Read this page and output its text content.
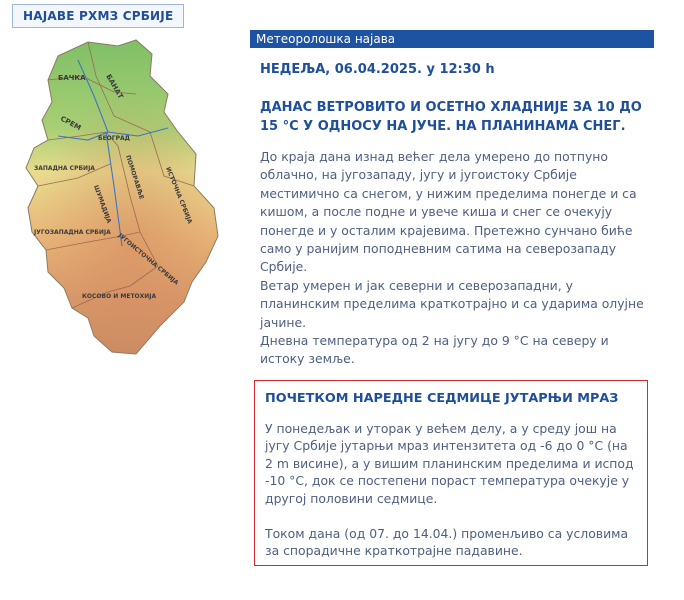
НАЈАВЕ РХМЗ СРБИЈЕ
БАЧКА	БАНАТ
СРЕМ
БЕОГРАД
ЗАПАДНА СРБИЈА
ШУМАДИЈА
ПОМОРАВЉЕ	ИСТОЧНА СРБИЈА
ЈУГОЗАПАДНА СРБИЈА ЈУГОИСТОЧНА СРБИЈА
КОСОВО И МЕТОХИЈА
Метеоролошка најава
НЕДЕЉА, 06.04.2025. у 12:30 h
ДАНАС ВЕТРОВИТО И ОСЕТНО ХЛАДНИЈЕ ЗА 10 ДО 15 °C У ОДНОСУ НА ЈУЧЕ. НА ПЛАНИНАМА СНЕГ.

До краја дана изнад већег дела умерено до потпуно облачно, на југозападу, југу и југоистоку Србије местимично са снегом, у нижим пределима понегде и са кишом, а после подне и увече киша и снег се очекују понегде и у осталим крајевима. Претежно сунчано биће само у ранијим поподневним сатима на северозападу Србије.

Ветар умерен и јак северни и северозападни, у планинским пределима краткотрајно и са ударима олујне јачине.

Дневна температура од 2 на југу до 9 °C на северу и истоку земље.

ПОЧЕТКОМ НАРЕДНЕ СЕДМИЦЕ ЈУТАРЊИ МРАЗ

У понедељак и уторак у већем делу, а у среду још на југу Србије јутарњи мраз интензитета од -6 до 0 °C (на 2 m висине), а у вишим планинским пределима и испод -10 °C, док се постепени пораст температура очекује у другој половини седмице.

Током дана (од 07. до 14.04.) променљиво са условима за спорадичне краткотрајне падавине.
